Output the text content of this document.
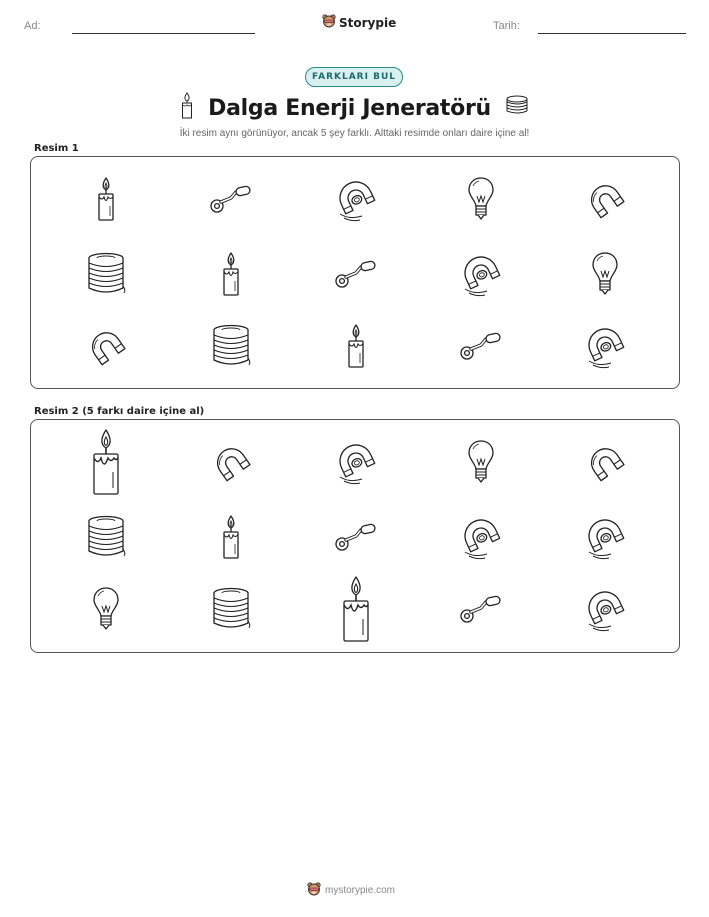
Ad:	Storypie	Tarih:
FARKLARI BUL
Dalga Enerji Jeneratörü
İki resim aynı görünüyor, ancak 5 şey farklı. Alttaki resimde onları daire içine al!
Resim 1
Resim 2 (5 farkı daire içine al)
mystorypie.com
